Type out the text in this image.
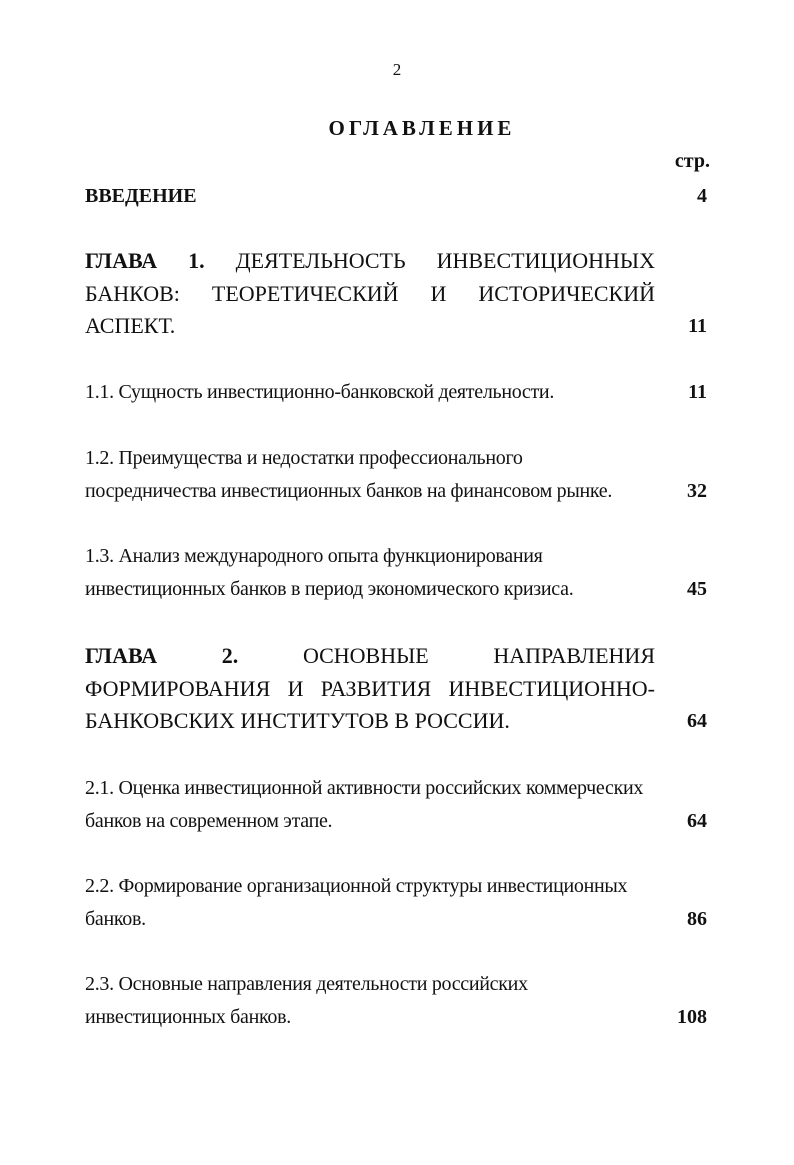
2
ОГЛАВЛЕНИЕ
стр.
ВВЕДЕНИЕ	4
ГЛАВА 1. ДЕЯТЕЛЬНОСТЬ ИНВЕСТИЦИОННЫХ БАНКОВ: ТЕОРЕТИЧЕСКИЙ И ИСТОРИЧЕСКИЙ АСПЕКТ.	11
1.1. Сущность инвестиционно-банковской деятельности.	11
1.2. Преимущества и недостатки профессионального посредничества инвестиционных банков на финансовом рынке.	32
1.3. Анализ международного опыта функционирования инвестиционных банков в период экономического кризиса.	45
ГЛАВА 2.	ОСНОВНЫЕ НАПРАВЛЕНИЯ ФОРМИРОВАНИЯ И РАЗВИТИЯ ИНВЕСТИЦИОННО-БАНКОВСКИХ ИНСТИТУТОВ В РОССИИ.	64
2.1. Оценка инвестиционной активности российских коммерческих банков на современном этапе.	64
2.2. Формирование организационной структуры инвестиционных банков.	86
2.3. Основные направления деятельности российских инвестиционных банков.	108
